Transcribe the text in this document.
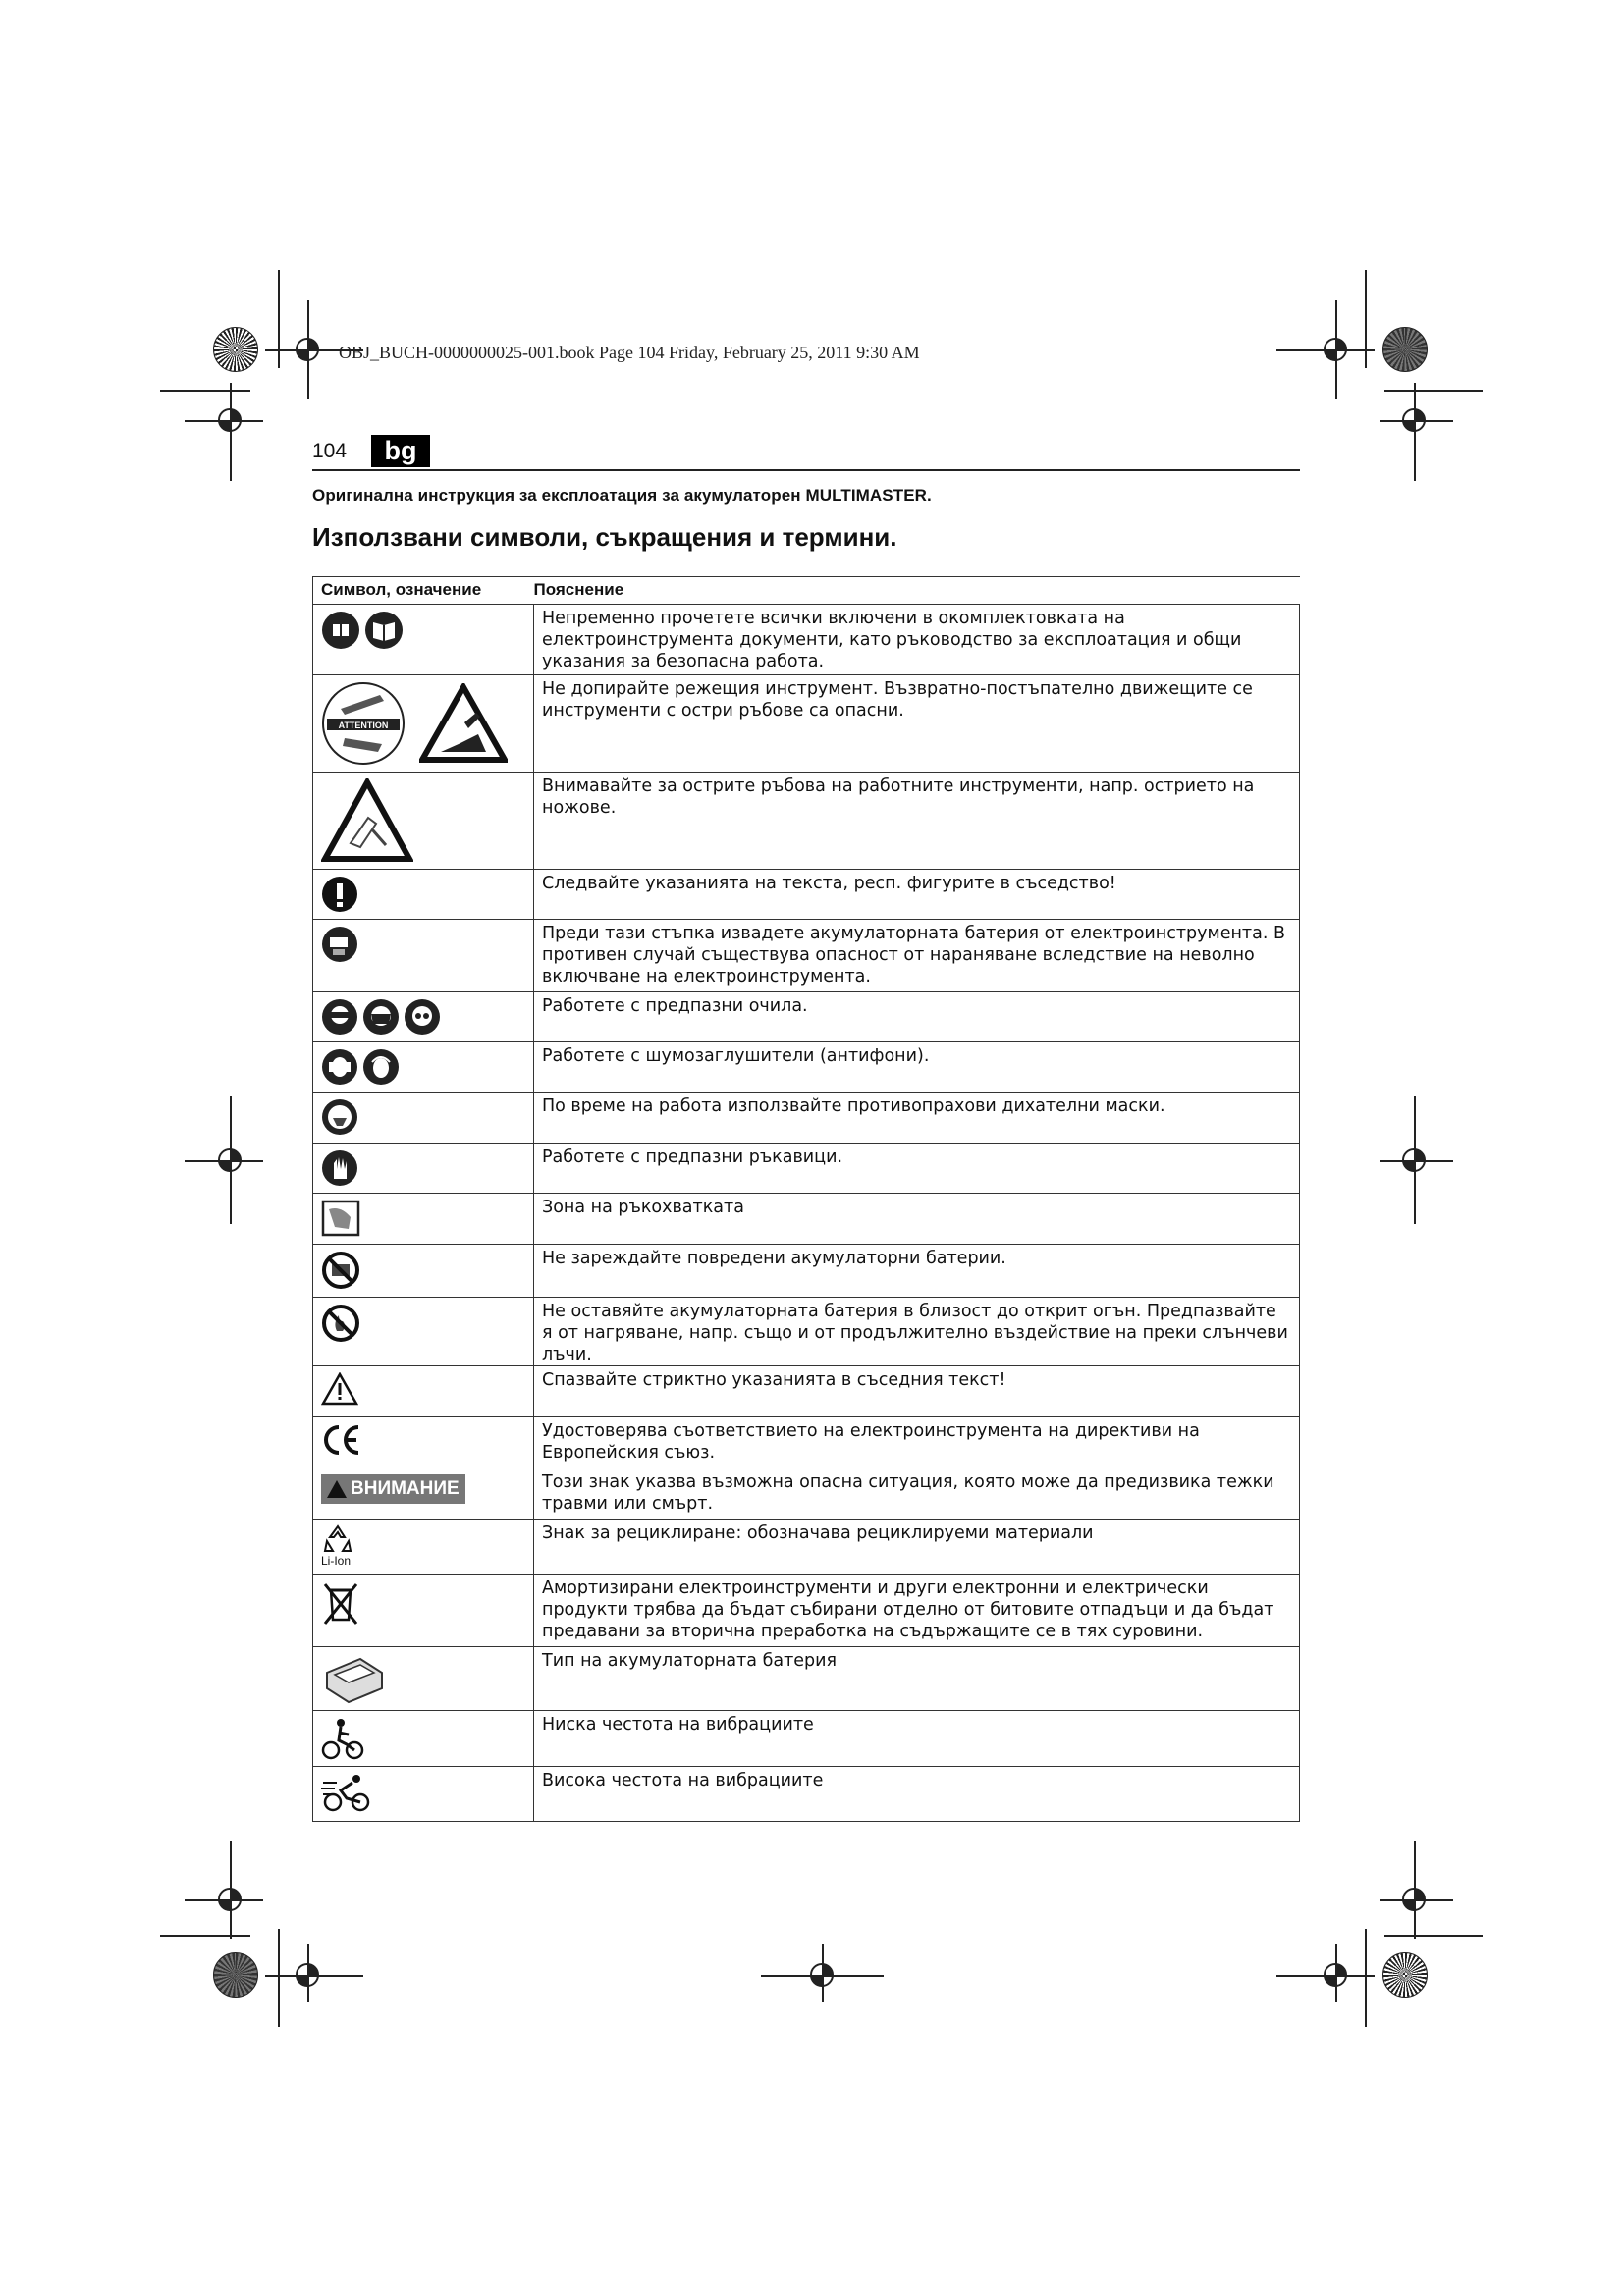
OBJ_BUCH-0000000025-001.book Page 104 Friday, February 25, 2011 9:30 AM
104	bg
Оригинална инструкция за експлоатация за акумулаторен MULTIMASTER.
Използвани символи, съкращения и термини.
Символ, означение	Пояснение

Непременно прочетете всички включени в окомплектовката на електроинструмента документи, като ръководство за експлоатация и общи указания за безопасна работа.

ATTENTION	Не допирайте режещия инструмент. Възвратно-постъпателно движещите се инструменти с остри ръбове са опасни.

Внимавайте за острите ръбова на работните инструменти, напр. острието на ножове.

Следвайте указанията на текста, респ. фигурите в съседство!

Преди тази стъпка извадете акумулаторната батерия от електроинструмента. В противен случай съществува опасност от нараняване вследствие на неволно включване на електроинструмента.

Работете с предпазни очила.

Работете с шумозаглушители (антифони).

По време на работа използвайте противопрахови дихателни маски.

Работете с предпазни ръкавици.

Зона на ръкохватката

Не зареждайте повредени акумулаторни батерии.

Не оставяйте акумулаторната батерия в близост до открит огън. Предпазвайте я от нагряване, напр. също и от продължително въздействие на преки слънчеви лъчи.

Спазвайте стриктно указанията в съседния текст!

Удостоверява съответствието на електроинструмента на директиви на Европейския съюз.

ВНИМАНИЕ	Този знак указва възможна опасна ситуация, която може да предизвика тежки травми или смърт.

Li-Ion	Знак за рециклиране: обозначава рециклируеми материали

Амортизирани електроинструменти и други електронни и електрически продукти трябва да бъдат събирани отделно от битовите отпадъци и да бъдат предавани за вторична преработка на съдържащите се в тях суровини.

Тип на акумулаторната батерия

Ниска честота на вибрациите

Висока честота на вибрациите
